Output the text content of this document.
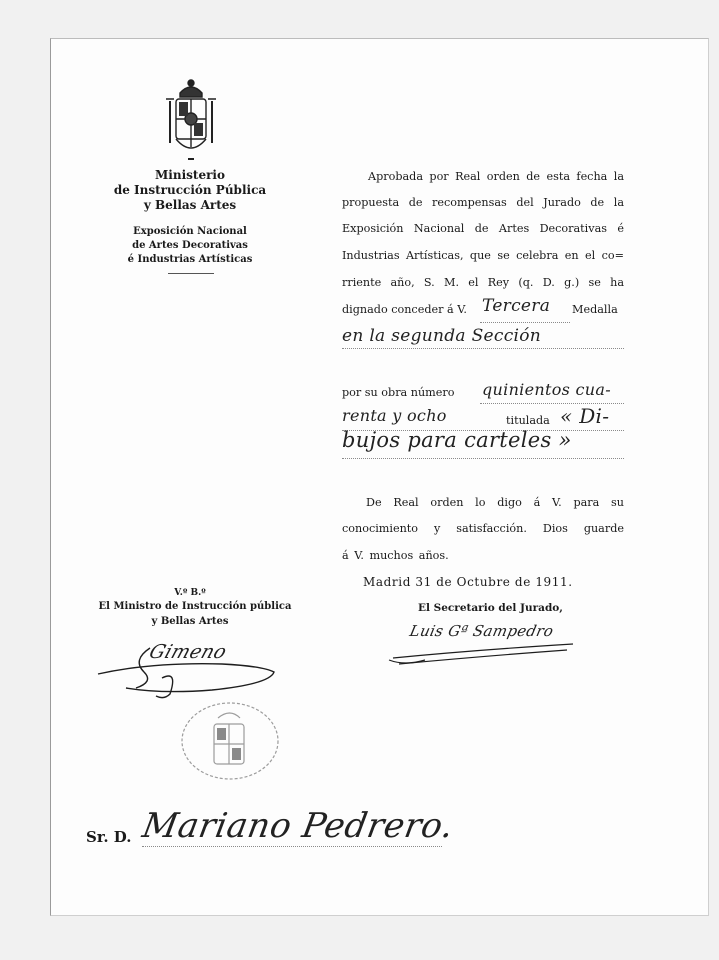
Ministerio
de Instrucción Pública
y Bellas Artes
Exposición Nacional
de Artes Decorativas
é Industrias Artísticas
Aprobada por Real orden de esta fecha la
propuesta de recompensas del Jurado de la
Exposición Nacional de Artes Decorativas é
Industrias Artísticas, que se celebra en el co=
rriente año, S. M. el Rey (q. D. g.) se ha
dignado conceder á V. Tercera Medalla
en la segunda Sección
por su obra número quinientos cua-
renta y ocho	titulada « Di-
bujos para carteles »
De Real orden lo digo á V. para su
conocimiento y satisfacción. Dios guarde
á V. muchos años.
Madrid 31 de Octubre de 1911.
V.º B.º
El Ministro de Instrucción pública
y Bellas Artes
Gimeno
El Secretario del Jurado,
Luis Gª Sampedro
Sr. D. Mariano Pedrero.
